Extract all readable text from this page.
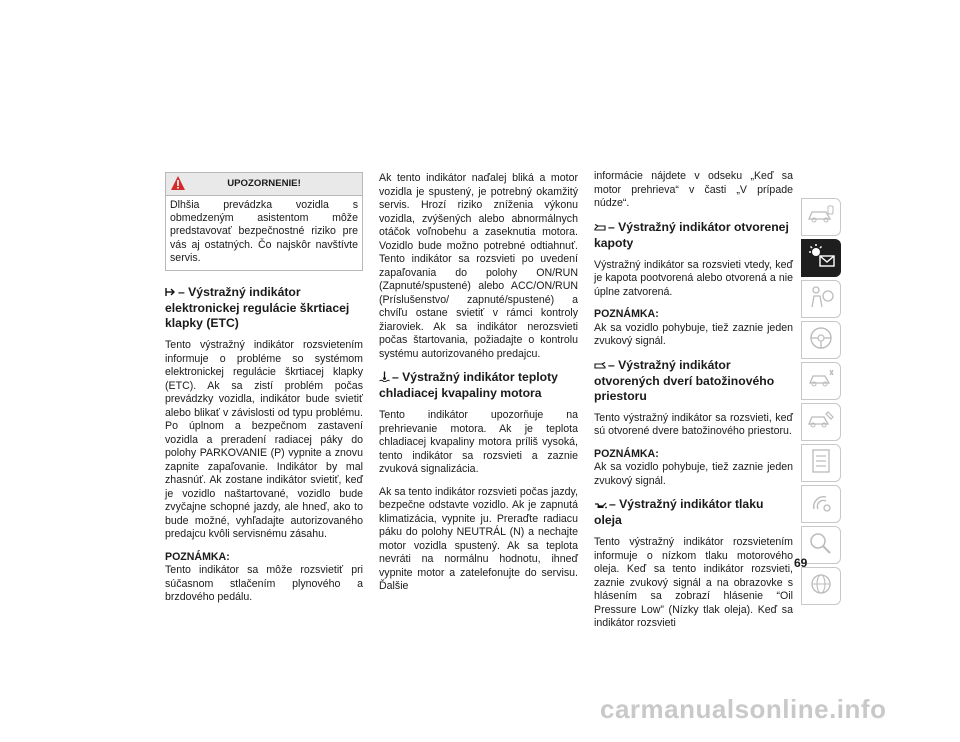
UPOZORNENIE!
Dlhšia prevádzka vozidla s obmedzeným asistentom môže predstavovať bezpečnostné riziko pre vás aj ostatných. Čo najskôr navštívte servis.
– Výstražný indikátor elektronickej regulácie škrtiacej klapky (ETC)

Tento výstražný indikátor rozsvietením informuje o probléme so systémom elektronickej regulácie škrtiacej klapky (ETC). Ak sa zistí problém počas prevádzky vozidla, indikátor bude svietiť alebo blikať v závislosti od typu problému. Po úplnom a bezpečnom zastavení vozidla a preradení radiacej páky do polohy PARKOVANIE (P) vypnite a znovu zapnite zapaľovanie. Indikátor by mal zhasnúť. Ak zostane indikátor svietiť, keď je vozidlo naštartované, vozidlo bude zvyčajne schopné jazdy, ale hneď, ako to bude možné, vyhľadajte autorizovaného predajcu kvôli servisnému zásahu.

POZNÁMKA:
Tento indikátor sa môže rozsvietiť pri súčasnom stlačením plynového a brzdového pedálu.

Ak tento indikátor naďalej bliká a motor vozidla je spustený, je potrebný okamžitý servis. Hrozí riziko zníženia výkonu vozidla, zvýšených alebo abnormálnych otáčok voľnobehu a zaseknutia motora. Vozidlo bude možno potrebné odtiahnuť. Tento indikátor sa rozsvieti po uvedení zapaľovania do polohy ON/RUN (Zapnuté/spustené) alebo ACC/ON/RUN (Príslušenstvo/ zapnuté/spustené) a chvíľu ostane svietiť v rámci kontroly žiaroviek. Ak sa indikátor nerozsvieti počas štartovania, požiadajte o kontrolu systému autorizovaného predajcu.

– Výstražný indikátor teploty chladiacej kvapaliny motora

Tento indikátor upozorňuje na prehrievanie motora. Ak je teplota chladiacej kvapaliny motora príliš vysoká, tento indikátor sa rozsvieti a zaznie zvuková signalizácia.

Ak sa tento indikátor rozsvieti počas jazdy, bezpečne odstavte vozidlo. Ak je zapnutá klimatizácia, vypnite ju. Preraďte radiacu páku do polohy NEUTRÁL (N) a nechajte motor vozidla spustený. Ak sa teplota nevráti na normálnu hodnotu, ihneď vypnite motor a zatelefonujte do servisu. Ďalšie

informácie nájdete v odseku „Keď sa motor prehrieva“ v časti „V prípade núdze“.

– Výstražný indikátor otvorenej kapoty

Výstražný indikátor sa rozsvieti vtedy, keď je kapota pootvorená alebo otvorená a nie úplne zatvorená.

POZNÁMKA:
Ak sa vozidlo pohybuje, tiež zaznie jeden zvukový signál.

– Výstražný indikátor otvorených dverí batožinového priestoru

Tento výstražný indikátor sa rozsvieti, keď sú otvorené dvere batožinového priestoru.

POZNÁMKA:
Ak sa vozidlo pohybuje, tiež zaznie jeden zvukový signál.

– Výstražný indikátor tlaku oleja

Tento výstražný indikátor rozsvietením informuje o nízkom tlaku motorového oleja. Keď sa tento indikátor rozsvieti, zaznie zvukový signál a na obrazovke s hlásením sa zobrazí hlásenie “Oil Pressure Low” (Nízky tlak oleja). Keď sa indikátor rozsvieti

69
carmanualsonline.info
